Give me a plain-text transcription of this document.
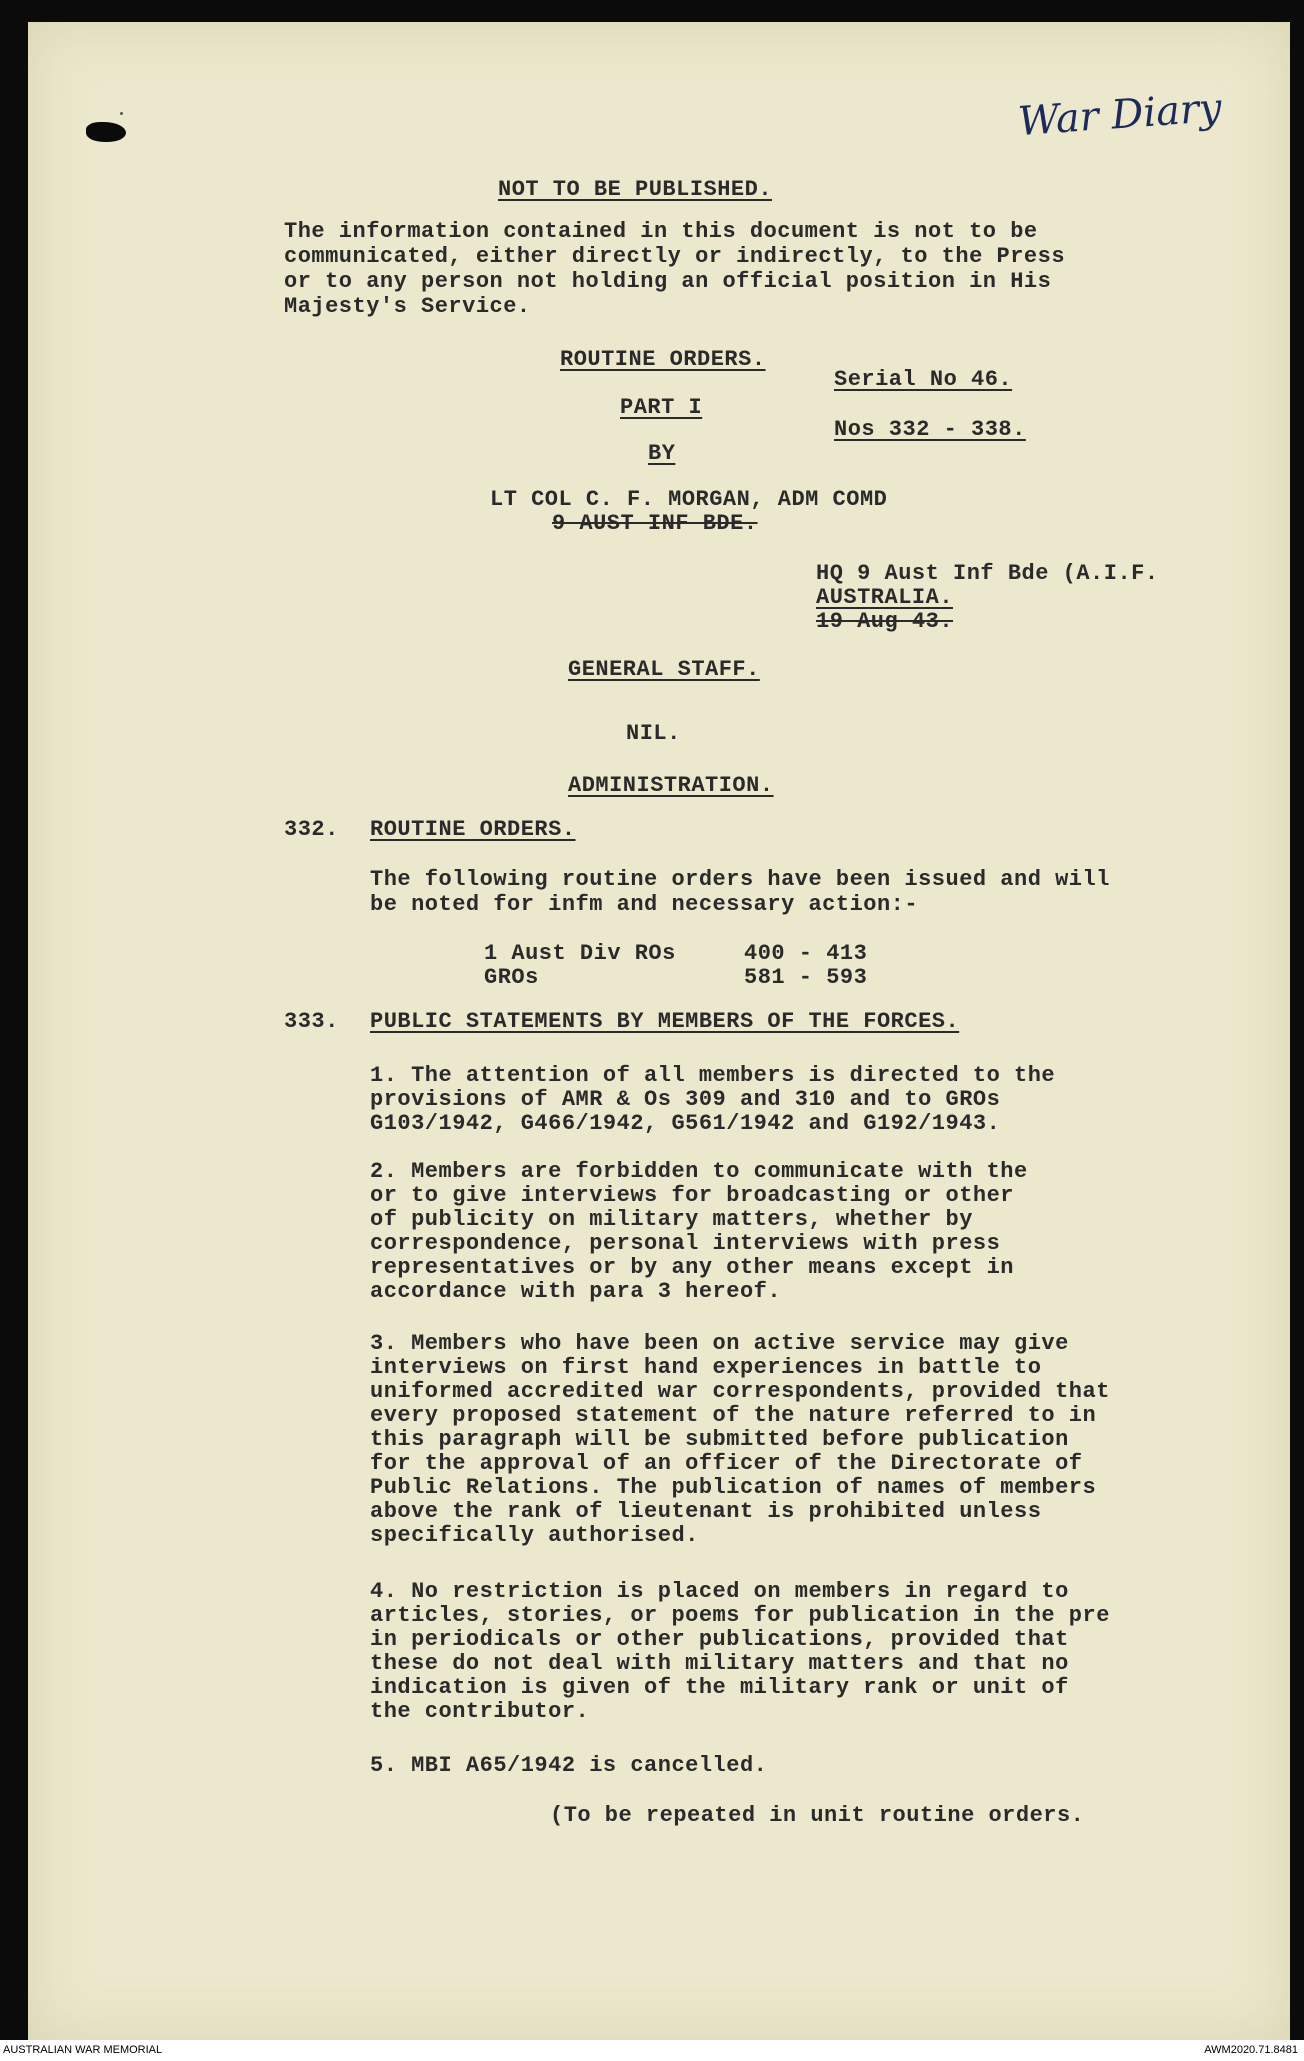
War Diary
NOT TO BE PUBLISHED.
The information contained in this document is not to be
communicated, either directly or indirectly, to the Press
or to any person not holding an official position in His
Majesty's Service.
ROUTINE ORDERS.
Serial No 46.
PART I
Nos 332 - 338.
BY
LT COL C. F. MORGAN, ADM COMD
9 AUST INF BDE.
HQ 9 Aust Inf Bde (A.I.F.
AUSTRALIA.
19 Aug 43.
GENERAL STAFF.
NIL.
ADMINISTRATION.
332. ROUTINE ORDERS.
The following routine orders have been issued and will
be noted for infm and necessary action:-
1 Aust Div ROs	400 - 413
GROs	581 - 593
333. PUBLIC STATEMENTS BY MEMBERS OF THE FORCES.
1. The attention of all members is directed to the
provisions of AMR & Os 309 and 310 and to GROs
G103/1942, G466/1942, G561/1942 and G192/1943.
2. Members are forbidden to communicate with the
or to give interviews for broadcasting or other
of publicity on military matters, whether by
correspondence, personal interviews with press
representatives or by any other means except in
accordance with para 3 hereof.
3. Members who have been on active service may give
interviews on first hand experiences in battle to
uniformed accredited war correspondents, provided that
every proposed statement of the nature referred to in
this paragraph will be submitted before publication
for the approval of an officer of the Directorate of
Public Relations. The publication of names of members
above the rank of lieutenant is prohibited unless
specifically authorised.
4. No restriction is placed on members in regard to
articles, stories, or poems for publication in the pre
in periodicals or other publications, provided that
these do not deal with military matters and that no
indication is given of the military rank or unit of
the contributor.
5. MBI A65/1942 is cancelled.
(To be repeated in unit routine orders.
AUSTRALIAN WAR MEMORIAL	AWM2020.71.8481
